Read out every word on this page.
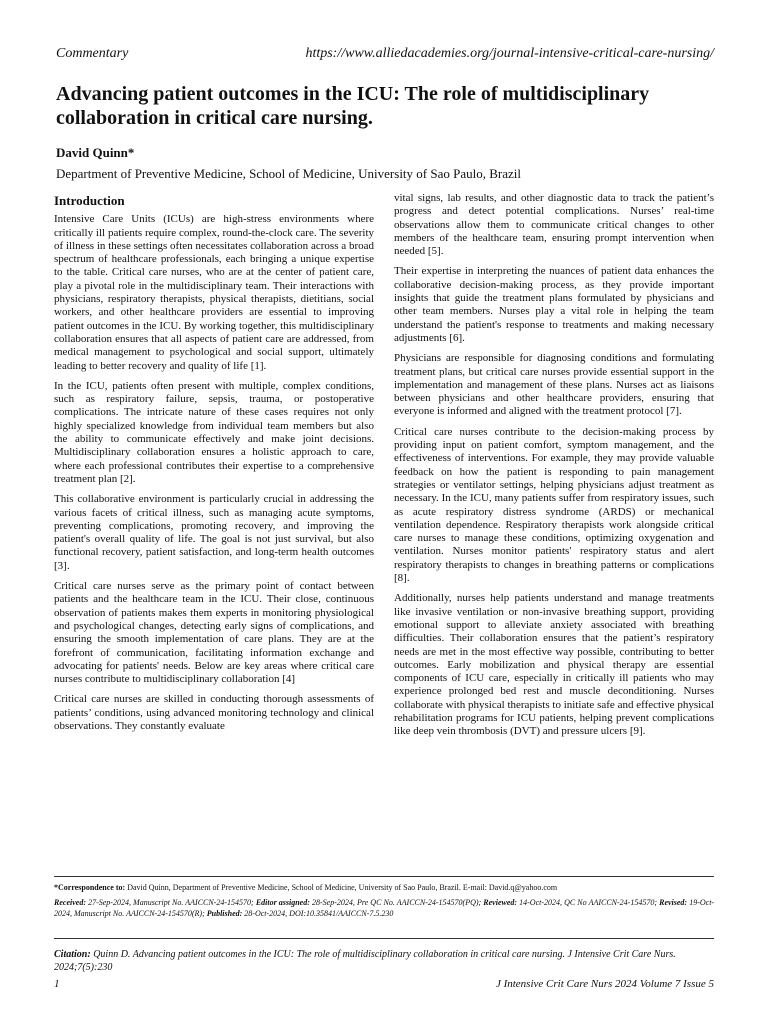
Commentary	https://www.alliedacademies.org/journal-intensive-critical-care-nursing/
Advancing patient outcomes in the ICU: The role of multidisciplinary collaboration in critical care nursing.
David Quinn*
Department of Preventive Medicine, School of Medicine, University of Sao Paulo, Brazil
Introduction

Intensive Care Units (ICUs) are high-stress environments where critically ill patients require complex, round-the-clock care. The severity of illness in these settings often necessitates collaboration across a broad spectrum of healthcare professionals, each bringing a unique expertise to the table. Critical care nurses, who are at the center of patient care, play a pivotal role in the multidisciplinary team. Their interactions with physicians, respiratory therapists, physical therapists, dietitians, social workers, and other healthcare providers are essential to improving patient outcomes in the ICU. By working together, this multidisciplinary collaboration ensures that all aspects of patient care are addressed, from medical management to psychological and social support, ultimately leading to better recovery and quality of life [1].

In the ICU, patients often present with multiple, complex conditions, such as respiratory failure, sepsis, trauma, or postoperative complications. The intricate nature of these cases requires not only highly specialized knowledge from individual team members but also the ability to communicate effectively and make joint decisions. Multidisciplinary collaboration ensures a holistic approach to care, where each professional contributes their expertise to a comprehensive treatment plan [2].

This collaborative environment is particularly crucial in addressing the various facets of critical illness, such as managing acute symptoms, preventing complications, promoting recovery, and improving the patient's overall quality of life. The goal is not just survival, but also functional recovery, patient satisfaction, and long-term health outcomes [3].

Critical care nurses serve as the primary point of contact between patients and the healthcare team in the ICU. Their close, continuous observation of patients makes them experts in monitoring physiological and psychological changes, detecting early signs of complications, and ensuring the smooth implementation of care plans. They are at the forefront of communication, facilitating information exchange and advocating for patients' needs. Below are key areas where critical care nurses contribute to multidisciplinary collaboration [4]

Critical care nurses are skilled in conducting thorough assessments of patients’ conditions, using advanced monitoring technology and clinical observations. They constantly evaluate

vital signs, lab results, and other diagnostic data to track the patient’s progress and detect potential complications. Nurses’ real-time observations allow them to communicate critical changes to other members of the healthcare team, ensuring prompt intervention when needed [5].

Their expertise in interpreting the nuances of patient data enhances the collaborative decision-making process, as they provide important insights that guide the treatment plans formulated by physicians and other team members. Nurses play a vital role in helping the team understand the patient's response to treatments and making necessary adjustments [6].

Physicians are responsible for diagnosing conditions and formulating treatment plans, but critical care nurses provide essential support in the implementation and management of these plans. Nurses act as liaisons between physicians and other healthcare providers, ensuring that everyone is informed and aligned with the treatment protocol [7].

Critical care nurses contribute to the decision-making process by providing input on patient comfort, symptom management, and the effectiveness of interventions. For example, they may provide valuable feedback on how the patient is responding to pain management strategies or ventilator settings, helping physicians adjust treatment as necessary. In the ICU, many patients suffer from respiratory issues, such as acute respiratory distress syndrome (ARDS) or mechanical ventilation dependence. Respiratory therapists work alongside critical care nurses to manage these conditions, optimizing oxygenation and ventilation. Nurses monitor patients' respiratory status and alert respiratory therapists to changes in breathing patterns or complications [8].

Additionally, nurses help patients understand and manage treatments like invasive ventilation or non-invasive breathing support, providing emotional support to alleviate anxiety associated with breathing difficulties. Their collaboration ensures that the patient’s respiratory needs are met in the most effective way possible, contributing to better outcomes. Early mobilization and physical therapy are essential components of ICU care, especially in critically ill patients who may experience prolonged bed rest and muscle deconditioning. Nurses collaborate with physical therapists to initiate safe and effective physical rehabilitation programs for ICU patients, helping prevent complications like deep vein thrombosis (DVT) and pressure ulcers [9].

*Correspondence to: David Quinn, Department of Preventive Medicine, School of Medicine, University of Sao Paulo, Brazil. E-mail: David.q@yahoo.com
Received: 27-Sep-2024, Manuscript No. AAICCN-24-154570; Editor assigned: 28-Sep-2024, Pre QC No. AAICCN-24-154570(PQ); Reviewed: 14-Oct-2024, QC No AAICCN-24-154570; Revised: 19-Oct-2024, Manuscript No. AAICCN-24-154570(R); Published: 28-Oct-2024, DOI:10.35841/AAICCN-7.5.230
Citation: Quinn D. Advancing patient outcomes in the ICU: The role of multidisciplinary collaboration in critical care nursing. J Intensive Crit Care Nurs. 2024;7(5):230
1	J Intensive Crit Care Nurs 2024 Volume 7 Issue 5
